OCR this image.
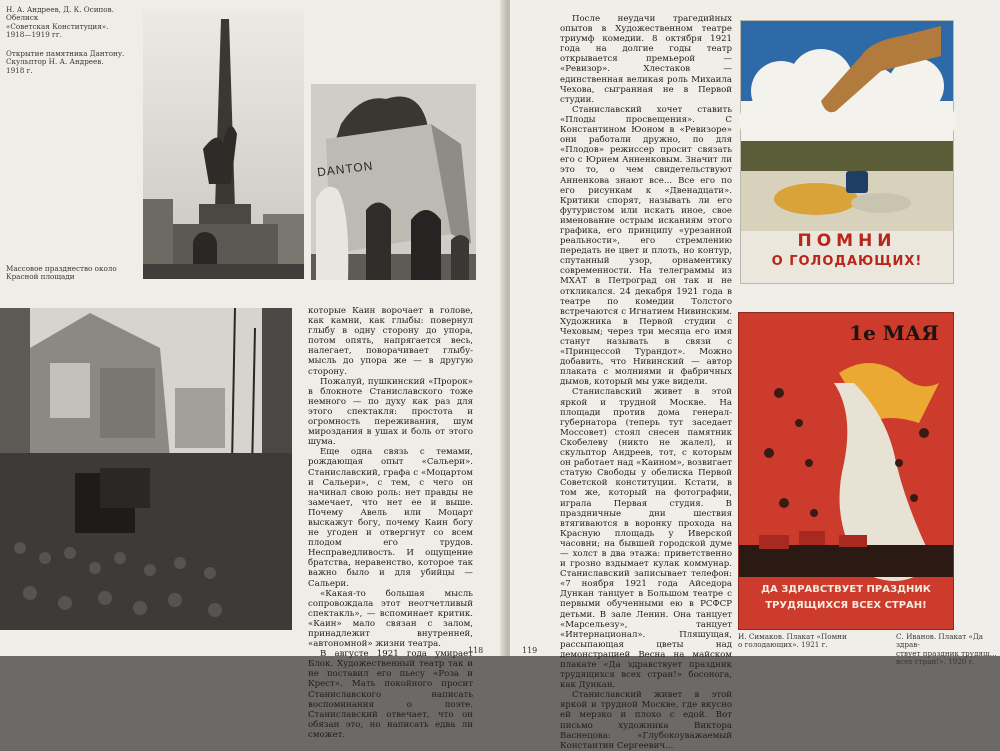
Н. А. Андреев, Д. К. Осипов.
Обелиск
«Советская Конституция».
1918—1919 гг.
Открытие памятника Дантону.
Скульптор Н. А. Андреев.
1918 г.
Массовое празднество около
Красной площади
DANTON

которые Каин ворочает в голове, как камни, как глыбы: повернул глыбу в одну сторону до упора, потом опять, напрягается весь, налегает, поворачивает глыбу-мысль до упора же — в другую сторону.

Пожалуй, пушкинский «Пророк» в блокноте Станиславского тоже немного — по духу как раз для этого спектакля: простота и огромность переживания, шум мироздания в ушах и боль от этого шума.

Еще одна связь с темами, рождающая опыт «Сальери». Станиславский, графа с «Моцартом и Сальери», с тем, с чего он начинал свою роль: нет правды не замечает, что нет ее и выше. Почему Авель или Моцарт выскажут богу, почему Каин богу не угоден и отвергнут со всем плодом его трудов. Несправедливость. И ощущение братства, неравенство, которое так важно было и для убийцы — Сальери.

«Какая-то большая мысль сопровождала этот неотчетливый спектакль», — вспоминает критик. «Каин» мало связан с залом, принадлежит внутренней, «автономной» жизни театра.

В августе 1921 года умирает Блок. Художественный театр так и не поставил его пьесу «Роза и Крест». Мать покойного просит Станиславского написать воспоминания о поэте. Станиславский отвечает, что он обязан это, но написать едва ли сможет.

118

После неудачи трагедийных опытов в Художественном театре триумф комедии. 8 октября 1921 года на долгие годы театр открывается премьерой — «Ревизор». Хлестаков — единственная великая роль Михаила Чехова, сыгранная не в Первой студии.

Станиславский хочет ставить «Плоды просвещения». С Константином Юоном в «Ревизоре» они работали дружно, по для «Плодов» режиссер просит связать его с Юрием Анненковым. Значит ли это то, о чем свидетельствуют Анненкова знают все... Все его по его рисункам к «Двенадцати». Критики спорят, называть ли его футуристом или искать иное, свое именование острым исканиям этого графика, его принципу «урезанной реальности», его стремлению передать не цвет и плоть, но контур, спутанный узор, орнаментику современности. На телеграммы из МХАТ в Петроград он так и не откликался. 24 декабря 1921 года в театре по комедии Толстого встречаются с Игнатием Нивинским. Художника в Первой студии с Чеховым; через три месяца его имя станут называть в связи с «Принцессой Турандот». Можно добавить, что Нивинский — автор плаката с молниями и фабричных дымов, который мы уже видели.

Станиславский живет в этой яркой и трудной Москве. На площади против дома генерал-губернатора (теперь тут заседает Моссовет) стоял снесен памятник Скобелеву (никто не жалел), и скульптор Андреев, тот, с которым он работает над «Каином», возвигает статую Свободы у обелиска Первой Советской конституции. Кстати, в том же, который на фотографии, играла Первая студия. В праздничные дни шествия втягиваются в воронку прохода на Красную площадь у Иверской часовни; на бывшей городской думе — холст в два этажа: приветственно и грозно вздымает кулак коммунар. Станиславский записывает телефон: «7 ноября 1921 года Айседора Дункан танцует в Большом театре с первыми обученными ею в РСФСР детьми. В зале Ленин. Она танцует «Марсельезу», танцует «Интернационал». Пляшущая, рассыпающая цветы над демонстрацией Весна на майском плакате «Да здравствует праздник трудящихся всех стран!» босонога, как Дункан.

Станиславский живет в этой яркой и трудной Москве, где вкусно ей мерзко и плохо с едой. Вот письмо художника Виктора Васнецова: «Глубокоуважаемый Константин Сергеевич...

119
ПОМНИ
О ГОЛОДАЮЩИХ!
1е МАЯ
ДА ЗДРАВСТВУЕТ ПРАЗДНИК
ТРУДЯЩИХСЯ ВСЕХ СТРАН!
И. Симаков. Плакат «Помни
о голодающих». 1921 г.
С. Иванов. Плакат «Да здрав-
ствует праздник трудящ…
всех стран!». 1920 г.
